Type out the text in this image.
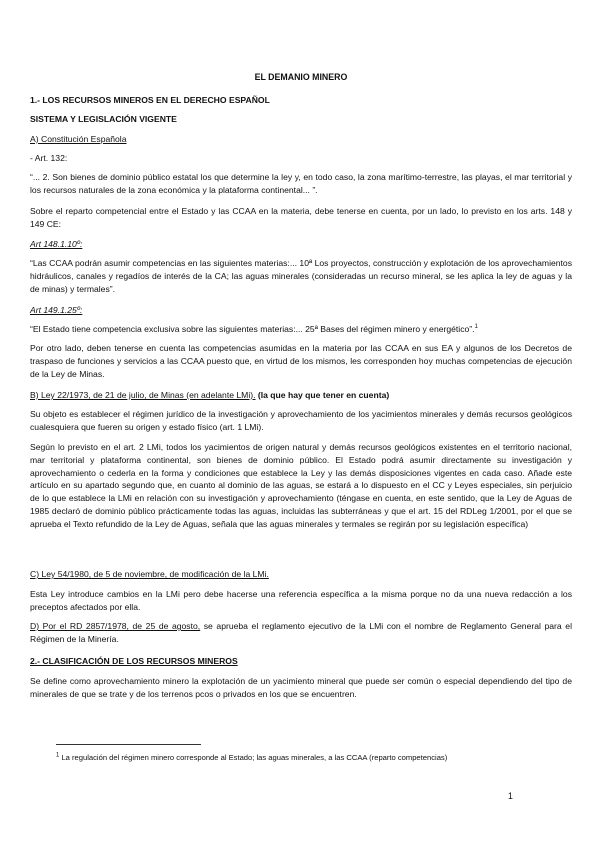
EL DEMANIO MINERO

1.- LOS RECURSOS MINEROS EN EL DERECHO ESPAÑOL

SISTEMA Y LEGISLACIÓN VIGENTE

A) Constitución Española

- Art. 132:

“... 2. Son bienes de dominio público estatal los que determine la ley y, en todo caso, la zona marítimo-terrestre, las playas, el mar territorial y los recursos naturales de la zona económica y la plataforma continental... ”.

Sobre el reparto competencial entre el Estado y las CCAA en la materia, debe tenerse en cuenta, por un lado, lo previsto en los arts. 148 y 149 CE:

Art 148.1.10º:

“Las CCAA podrán asumir competencias en las siguientes materias:... 10ª Los proyectos, construcción y explotación de los aprovechamientos hidráulicos, canales y regadíos de interés de la CA; las aguas minerales (consideradas un recurso mineral, se les aplica la ley de aguas y la de minas) y termales”.

Art 149.1.25º:

“El Estado tiene competencia exclusiva sobre las siguientes materias:... 25ª Bases del régimen minero y energético”.$^1$

Por otro lado, deben tenerse en cuenta las competencias asumidas en la materia por las CCAA en sus EA y algunos de los Decretos de traspaso de funciones y servicios a las CCAA puesto que, en virtud de los mismos, les corresponden hoy muchas competencias de ejecución de la Ley de Minas.

B) Ley 22/1973, de 21 de julio, de Minas (en adelante LMi). (la que hay que tener en cuenta)

Su objeto es establecer el régimen jurídico de la investigación y aprovechamiento de los yacimientos minerales y demás recursos geológicos cualesquiera que fueren su origen y estado físico (art. 1 LMi).

Según lo previsto en el art. 2 LMi, todos los yacimientos de origen natural y demás recursos geológicos existentes en el territorio nacional, mar territorial y plataforma continental, son bienes de dominio público. El Estado podrá asumir directamente su investigación y aprovechamiento o cederla en la forma y condiciones que establece la Ley y las demás disposiciones vigentes en cada caso. Añade este artículo en su apartado segundo que, en cuanto al dominio de las aguas, se estará a lo dispuesto en el CC y Leyes especiales, sin perjuicio de lo que establece la LMi en relación con su investigación y aprovechamiento (téngase en cuenta, en este sentido, que la Ley de Aguas de 1985 declaró de dominio público prácticamente todas las aguas, incluidas las subterráneas y que el art. 15 del RDLeg 1/2001, por el que se aprueba el Texto refundido de la Ley de Aguas, señala que las aguas minerales y termales se regirán por su legislación específica)

C) Ley 54/1980, de 5 de noviembre, de modificación de la LMi.

Esta Ley introduce cambios en la LMi pero debe hacerse una referencia específica a la misma porque no da una nueva redacción a los preceptos afectados por ella.

D) Por el RD 2857/1978, de 25 de agosto, se aprueba el reglamento ejecutivo de la LMi con el nombre de Reglamento General para el Régimen de la Minería.

2.- CLASIFICACIÓN DE LOS RECURSOS MINEROS

Se define como aprovechamiento minero la explotación de un yacimiento mineral que puede ser común o especial dependiendo del tipo de minerales de que se trate y de los terrenos pcos o privados en los que se encuentren.

$^1$ La regulación del régimen minero corresponde al Estado; las aguas minerales, a las CCAA (reparto competencias)
1
